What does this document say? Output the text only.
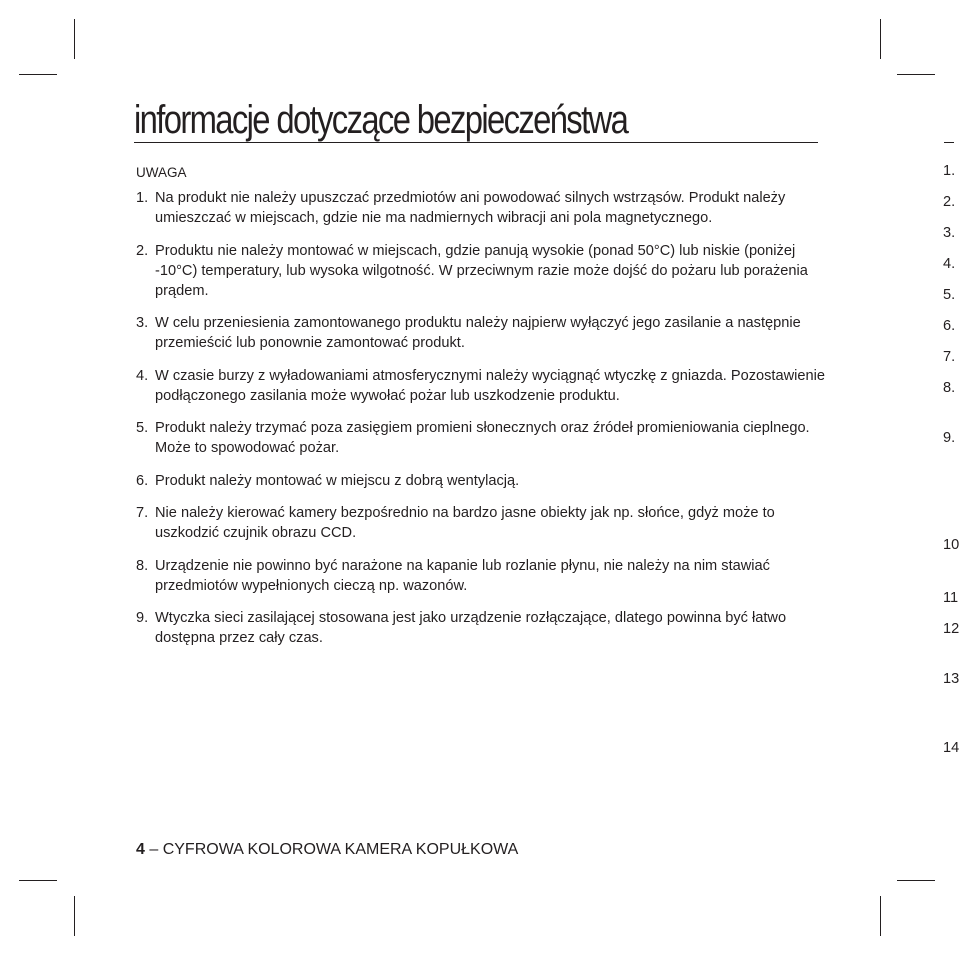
informacje dotyczące bezpieczeństwa
UWAGA
1. Na produkt nie należy upuszczać przedmiotów ani powodować silnych wstrząsów. Produkt należy umieszczać w miejscach, gdzie nie ma nadmiernych wibracji ani pola magnetycznego.
2. Produktu nie należy montować w miejscach, gdzie panują wysokie (ponad 50°C) lub niskie (poniżej -10°C) temperatury, lub wysoka wilgotność. W przeciwnym razie może dojść do pożaru lub porażenia prądem.
3. W celu przeniesienia zamontowanego produktu należy najpierw wyłączyć jego zasilanie a następnie przemieścić lub ponownie zamontować produkt.
4. W czasie burzy z wyładowaniami atmosferycznymi należy wyciągnąć wtyczkę z gniazda. Pozostawienie podłączonego zasilania może wywołać pożar lub uszkodzenie produktu.
5. Produkt należy trzymać poza zasięgiem promieni słonecznych oraz źródeł promieniowania cieplnego. Może to spowodować pożar.
6. Produkt należy montować w miejscu z dobrą wentylacją.
7. Nie należy kierować kamery bezpośrednio na bardzo jasne obiekty jak np. słońce, gdyż może to uszkodzić czujnik obrazu CCD.
8. Urządzenie nie powinno być narażone na kapanie lub rozlanie płynu, nie należy na nim stawiać przedmiotów wypełnionych cieczą np. wazonów.
9. Wtyczka sieci zasilającej stosowana jest jako urządzenie rozłączające, dlatego powinna być łatwo dostępna przez cały czas.
4 – CYFROWA KOLOROWA KAMERA KOPUŁKOWA
1.
2.
3.
4.
5.
6.
7.
8.
9.
10
11
12
13
14
